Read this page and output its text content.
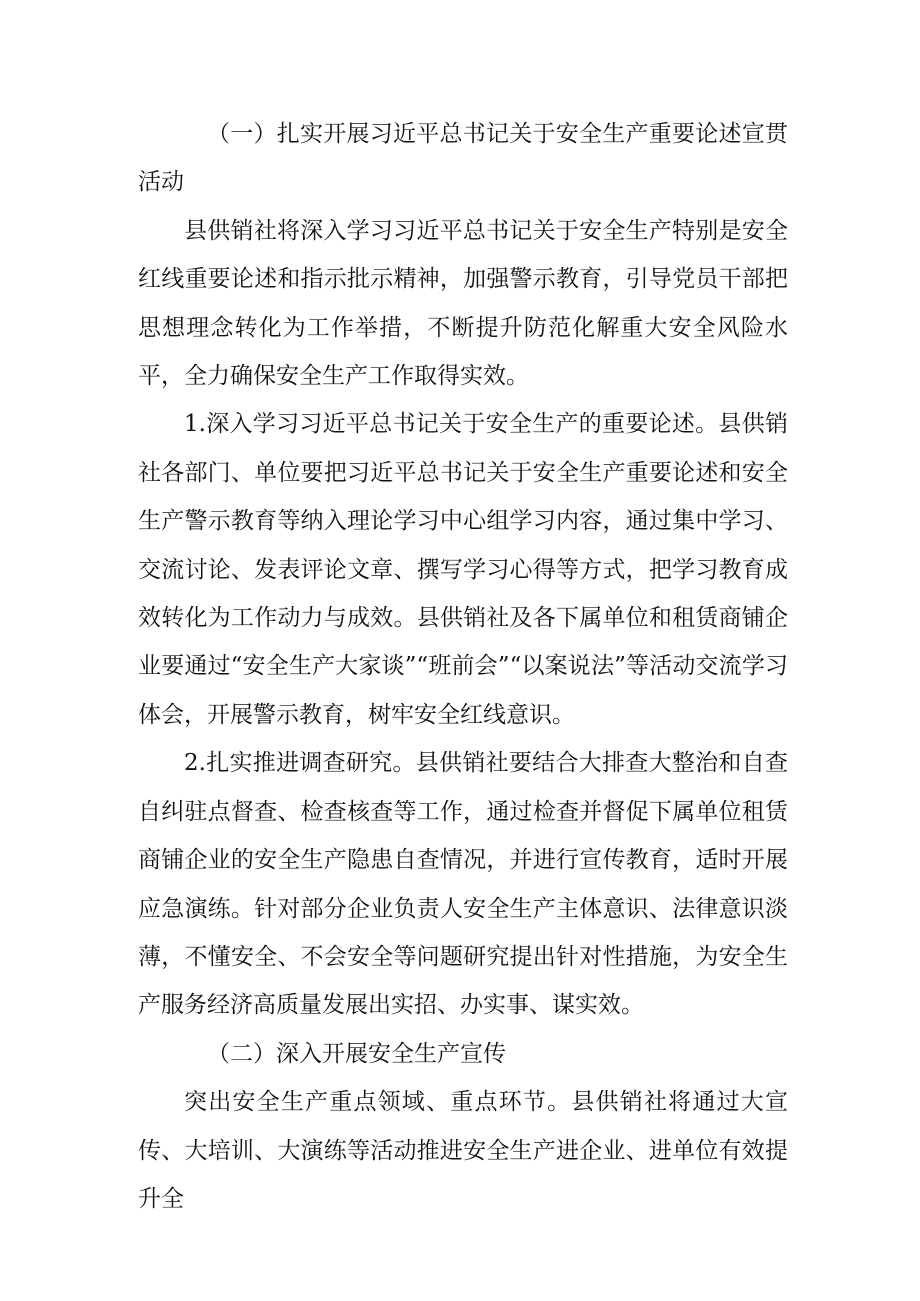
（一）扎实开展习近平总书记关于安全生产重要论述宣贯活动

县供销社将深入学习习近平总书记关于安全生产特别是安全红线重要论述和指示批示精神，加强警示教育，引导党员干部把思想理念转化为工作举措，不断提升防范化解重大安全风险水平，全力确保安全生产工作取得实效。

1.深入学习习近平总书记关于安全生产的重要论述。县供销社各部门、单位要把习近平总书记关于安全生产重要论述和安全生产警示教育等纳入理论学习中心组学习内容，通过集中学习、交流讨论、发表评论文章、撰写学习心得等方式，把学习教育成效转化为工作动力与成效。县供销社及各下属单位和租赁商铺企业要通过“安全生产大家谈”“班前会”“以案说法”等活动交流学习体会，开展警示教育，树牢安全红线意识。

2.扎实推进调查研究。县供销社要结合大排查大整治和自查自纠驻点督查、检查核查等工作，通过检查并督促下属单位租赁商铺企业的安全生产隐患自查情况，并进行宣传教育，适时开展应急演练。针对部分企业负责人安全生产主体意识、法律意识淡薄，不懂安全、不会安全等问题研究提出针对性措施，为安全生产服务经济高质量发展出实招、办实事、谋实效。

（二）深入开展安全生产宣传

突出安全生产重点领域、重点环节。县供销社将通过大宣传、大培训、大演练等活动推进安全生产进企业、进单位有效提升全
